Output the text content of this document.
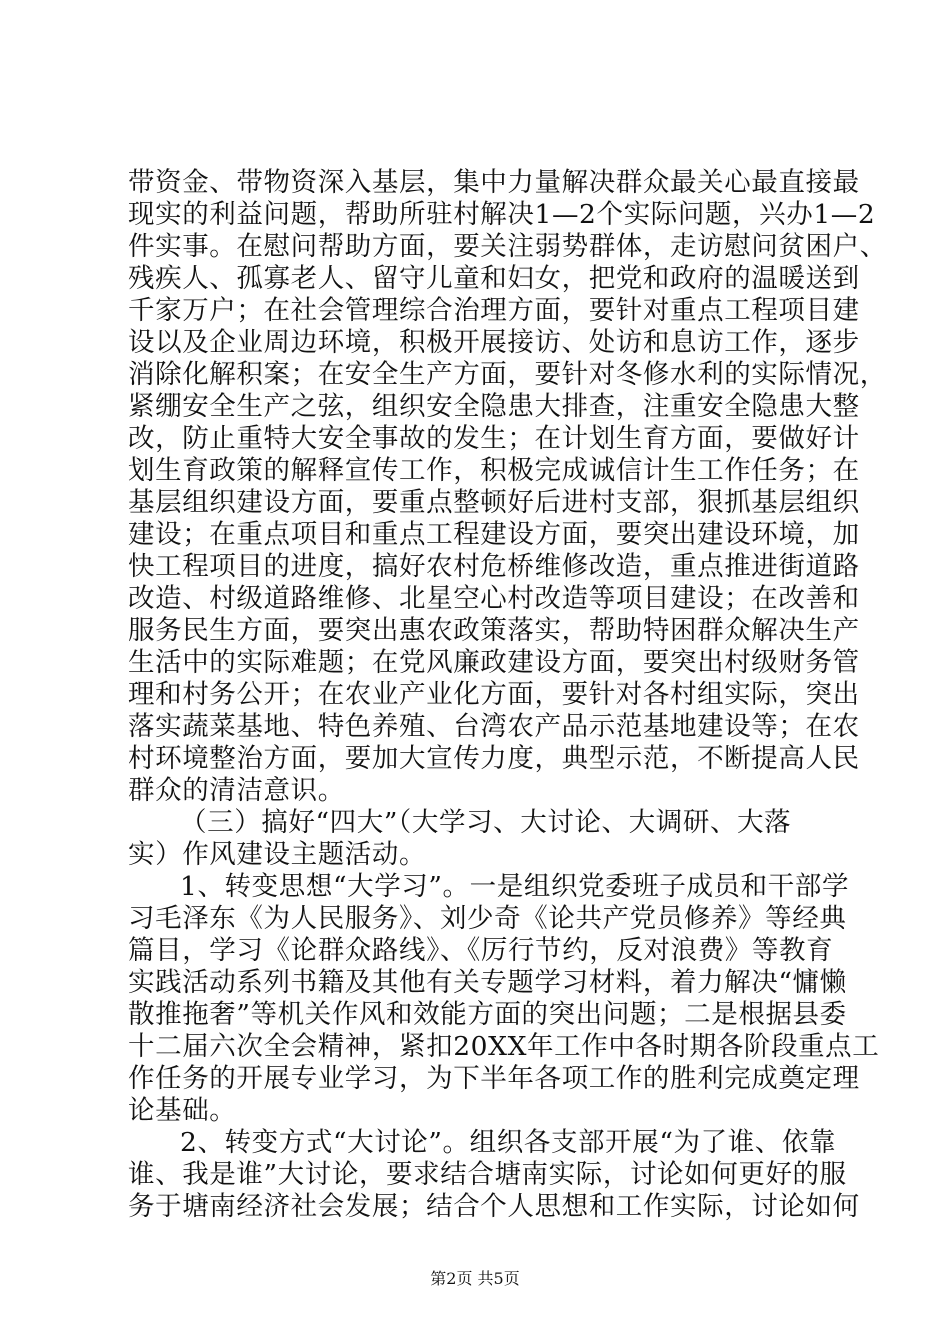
带资金、带物资深入基层，集中力量解决群众最关心最直接最
现实的利益问题，帮助所驻村解决1—2个实际问题，兴办1—2
件实事。在慰问帮助方面，要关注弱势群体，走访慰问贫困户、
残疾人、孤寡老人、留守儿童和妇女，把党和政府的温暖送到
千家万户；在社会管理综合治理方面，要针对重点工程项目建
设以及企业周边环境，积极开展接访、处访和息访工作，逐步
消除化解积案；在安全生产方面，要针对冬修水利的实际情况，
紧绷安全生产之弦，组织安全隐患大排查，注重安全隐患大整
改，防止重特大安全事故的发生；在计划生育方面，要做好计
划生育政策的解释宣传工作，积极完成诚信计生工作任务；在
基层组织建设方面，要重点整顿好后进村支部，狠抓基层组织
建设；在重点项目和重点工程建设方面，要突出建设环境，加
快工程项目的进度，搞好农村危桥维修改造，重点推进街道路
改造、村级道路维修、北星空心村改造等项目建设；在改善和
服务民生方面，要突出惠农政策落实，帮助特困群众解决生产
生活中的实际难题；在党风廉政建设方面，要突出村级财务管
理和村务公开；在农业产业化方面，要针对各村组实际，突出
落实蔬菜基地、特色养殖、台湾农产品示范基地建设等；在农
村环境整治方面，要加大宣传力度，典型示范，不断提高人民
群众的清洁意识。
（三）搞好“四大”（大学习、大讨论、大调研、大落
实）作风建设主题活动。
1、转变思想“大学习”。一是组织党委班子成员和干部学
习毛泽东《为人民服务》、刘少奇《论共产党员修养》等经典
篇目，学习《论群众路线》、《厉行节约，反对浪费》等教育
实践活动系列书籍及其他有关专题学习材料，着力解决“慵懒
散推拖奢”等机关作风和效能方面的突出问题；二是根据县委
十二届六次全会精神，紧扣20XX年工作中各时期各阶段重点工
作任务的开展专业学习，为下半年各项工作的胜利完成奠定理
论基础。
2、转变方式“大讨论”。组织各支部开展“为了谁、依靠
谁、我是谁”大讨论，要求结合塘南实际，讨论如何更好的服
务于塘南经济社会发展；结合个人思想和工作实际，讨论如何
第2页 共5页
